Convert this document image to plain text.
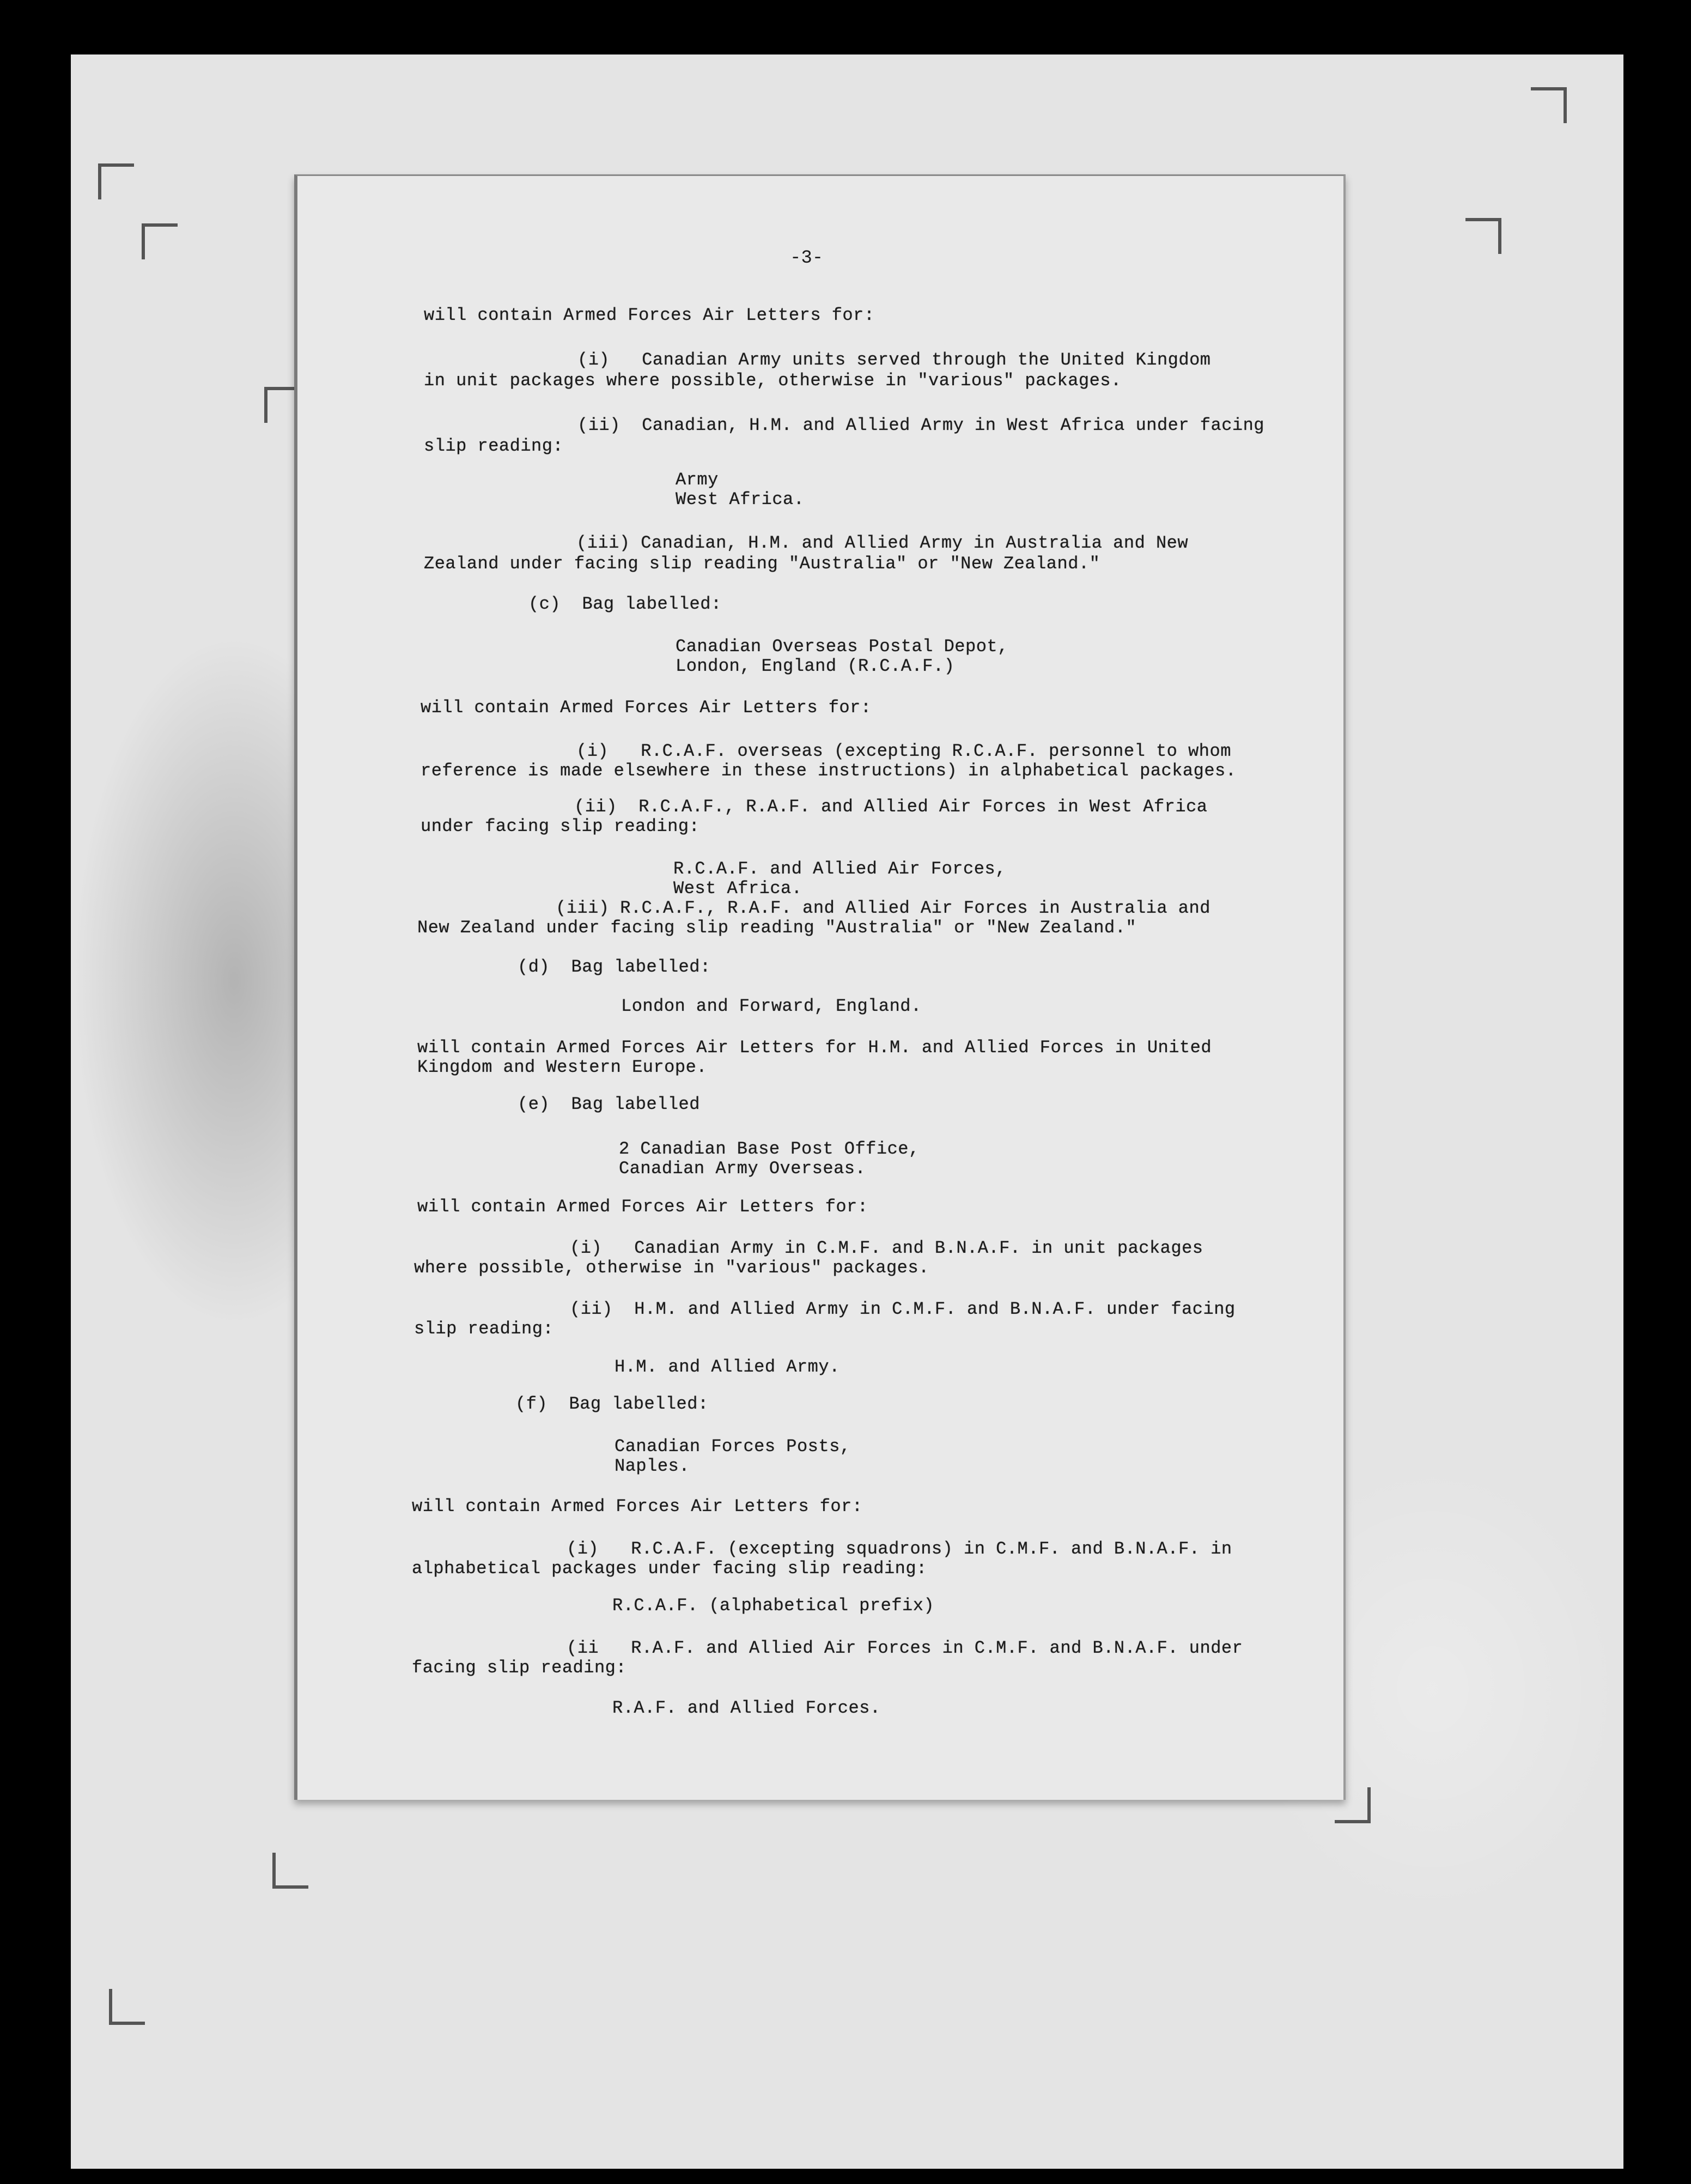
-3-
will contain Armed Forces Air Letters for:
(i)   Canadian Army units served through the United Kingdom
in unit packages where possible, otherwise in "various" packages.
(ii)  Canadian, H.M. and Allied Army in West Africa under facing
slip reading:
Army
West Africa.
(iii) Canadian, H.M. and Allied Army in Australia and New
Zealand under facing slip reading "Australia" or "New Zealand."
(c)  Bag labelled:
Canadian Overseas Postal Depot,
London, England (R.C.A.F.)
will contain Armed Forces Air Letters for:
(i)   R.C.A.F. overseas (excepting R.C.A.F. personnel to whom
reference is made elsewhere in these instructions) in alphabetical packages.
(ii)  R.C.A.F., R.A.F. and Allied Air Forces in West Africa
under facing slip reading:
R.C.A.F. and Allied Air Forces,
West Africa.
(iii) R.C.A.F., R.A.F. and Allied Air Forces in Australia and
New Zealand under facing slip reading "Australia" or "New Zealand."
(d)  Bag labelled:
London and Forward, England.
will contain Armed Forces Air Letters for H.M. and Allied Forces in United
Kingdom and Western Europe.
(e)  Bag labelled
2 Canadian Base Post Office,
Canadian Army Overseas.
will contain Armed Forces Air Letters for:
(i)   Canadian Army in C.M.F. and B.N.A.F. in unit packages
where possible, otherwise in "various" packages.
(ii)  H.M. and Allied Army in C.M.F. and B.N.A.F. under facing
slip reading:
H.M. and Allied Army.
(f)  Bag labelled:
Canadian Forces Posts,
Naples.
will contain Armed Forces Air Letters for:
(i)   R.C.A.F. (excepting squadrons) in C.M.F. and B.N.A.F. in
alphabetical packages under facing slip reading:
R.C.A.F. (alphabetical prefix)
(ii   R.A.F. and Allied Air Forces in C.M.F. and B.N.A.F. under
facing slip reading:
R.A.F. and Allied Forces.
